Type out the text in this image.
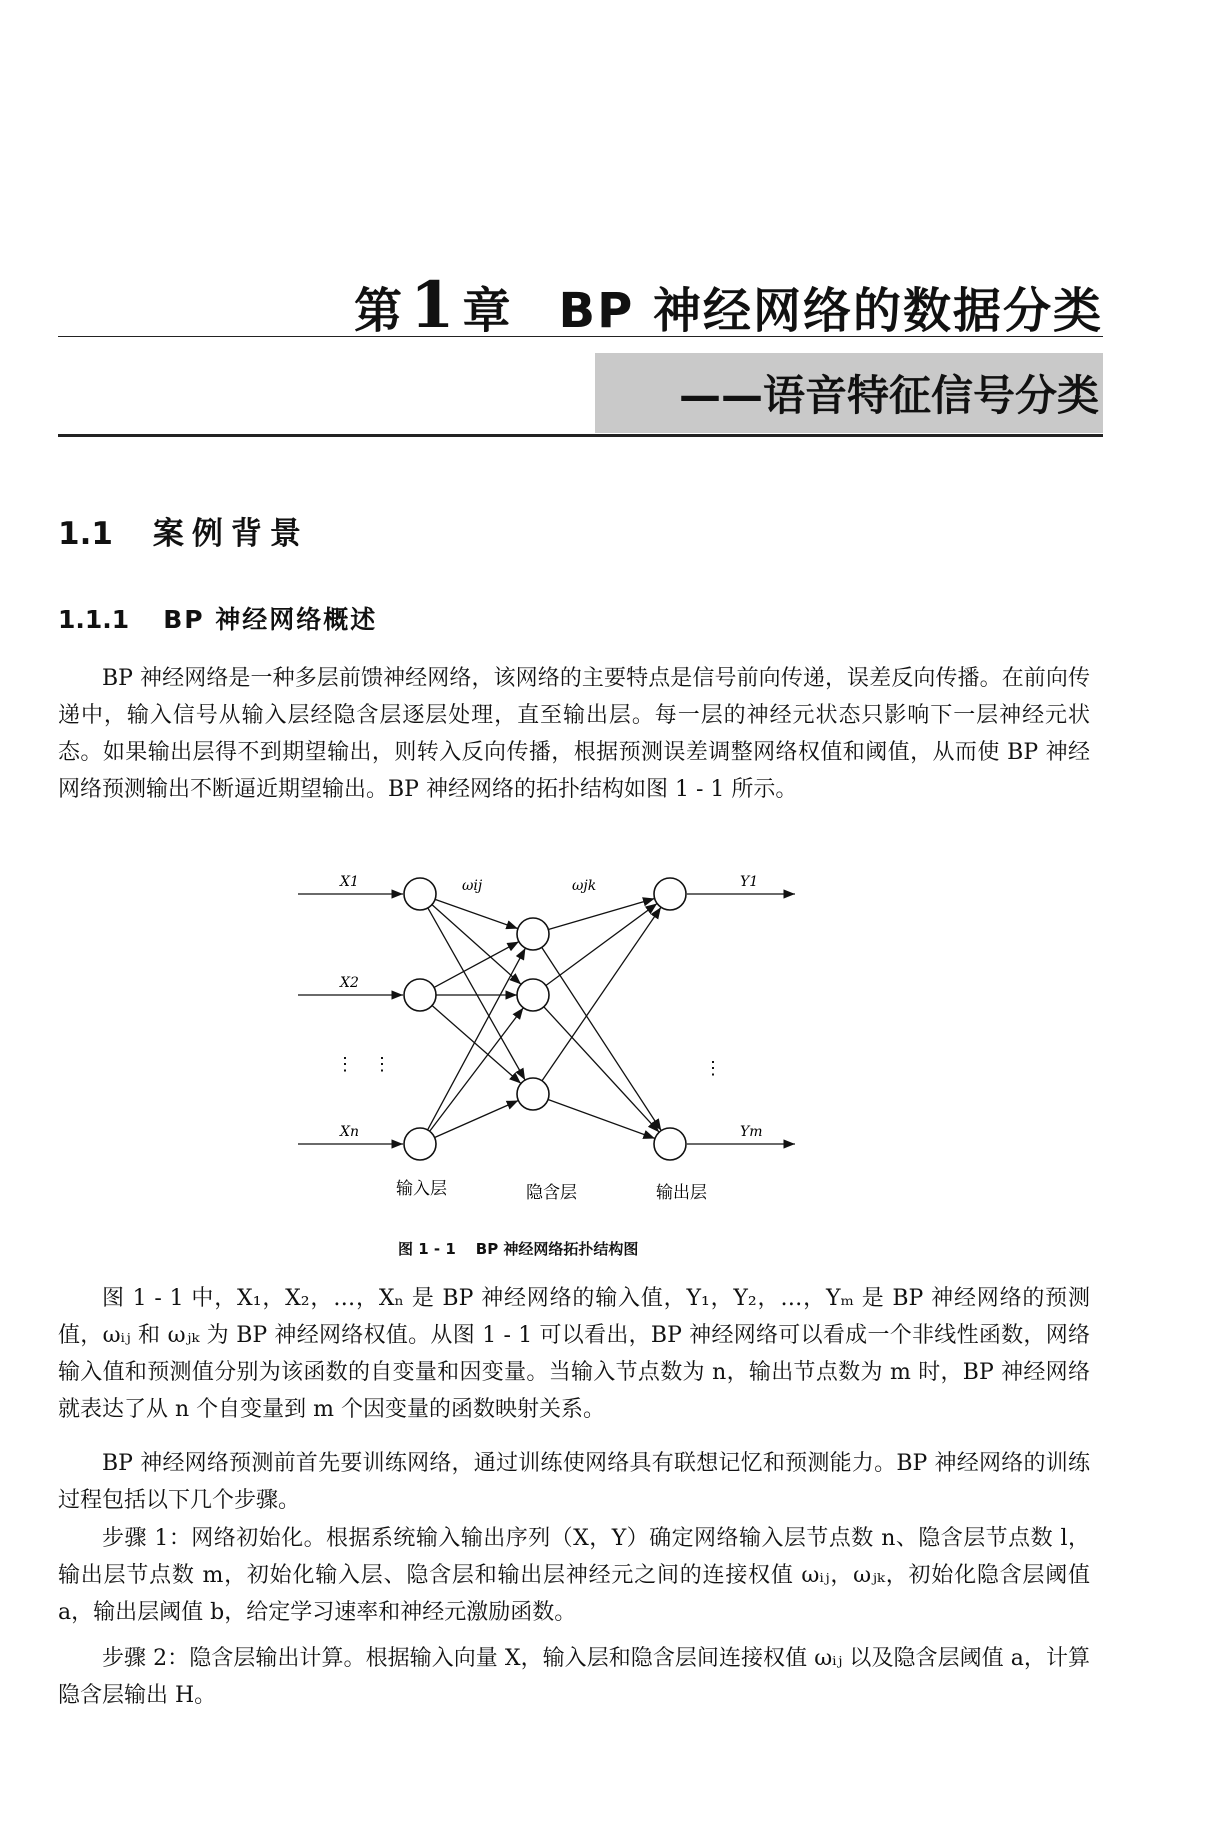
第1 章 BP 神经网络的数据分类
——语音特征信号分类
1.1 案例背景
1.1.1 BP 神经网络概述

BP 神经网络是一种多层前馈神经网络，该网络的主要特点是信号前向传递，误差反向传播。在前向传递中，输入信号从输入层经隐含层逐层处理，直至输出层。每一层的神经元状态只影响下一层神经元状态。如果输出层得不到期望输出，则转入反向传播，根据预测误差调整网络权值和阈值，从而使 BP 神经网络预测输出不断逼近期望输出。BP 神经网络的拓扑结构如图 1 - 1 所示。

X1
X2
Xn
Y1
Ym
ωij	ωjk
⋮ ⋮	⋮
输入层	隐含层	输出层
图 1 - 1 BP 神经网络拓扑结构图

图 1 - 1 中，X₁，X₂，…，Xₙ 是 BP 神经网络的输入值，Y₁，Y₂，…，Yₘ 是 BP 神经网络的预测值，ωᵢⱼ 和 ωⱼₖ 为 BP 神经网络权值。从图 1 - 1 可以看出，BP 神经网络可以看成一个非线性函数，网络输入值和预测值分别为该函数的自变量和因变量。当输入节点数为 n，输出节点数为 m 时，BP 神经网络就表达了从 n 个自变量到 m 个因变量的函数映射关系。

BP 神经网络预测前首先要训练网络，通过训练使网络具有联想记忆和预测能力。BP 神经网络的训练过程包括以下几个步骤。

步骤 1：网络初始化。根据系统输入输出序列（X，Y）确定网络输入层节点数 n、隐含层节点数 l，输出层节点数 m，初始化输入层、隐含层和输出层神经元之间的连接权值 ωᵢⱼ，ωⱼₖ，初始化隐含层阈值 a，输出层阈值 b，给定学习速率和神经元激励函数。

步骤 2：隐含层输出计算。根据输入向量 X，输入层和隐含层间连接权值 ωᵢⱼ 以及隐含层阈值 a，计算隐含层输出 H。
